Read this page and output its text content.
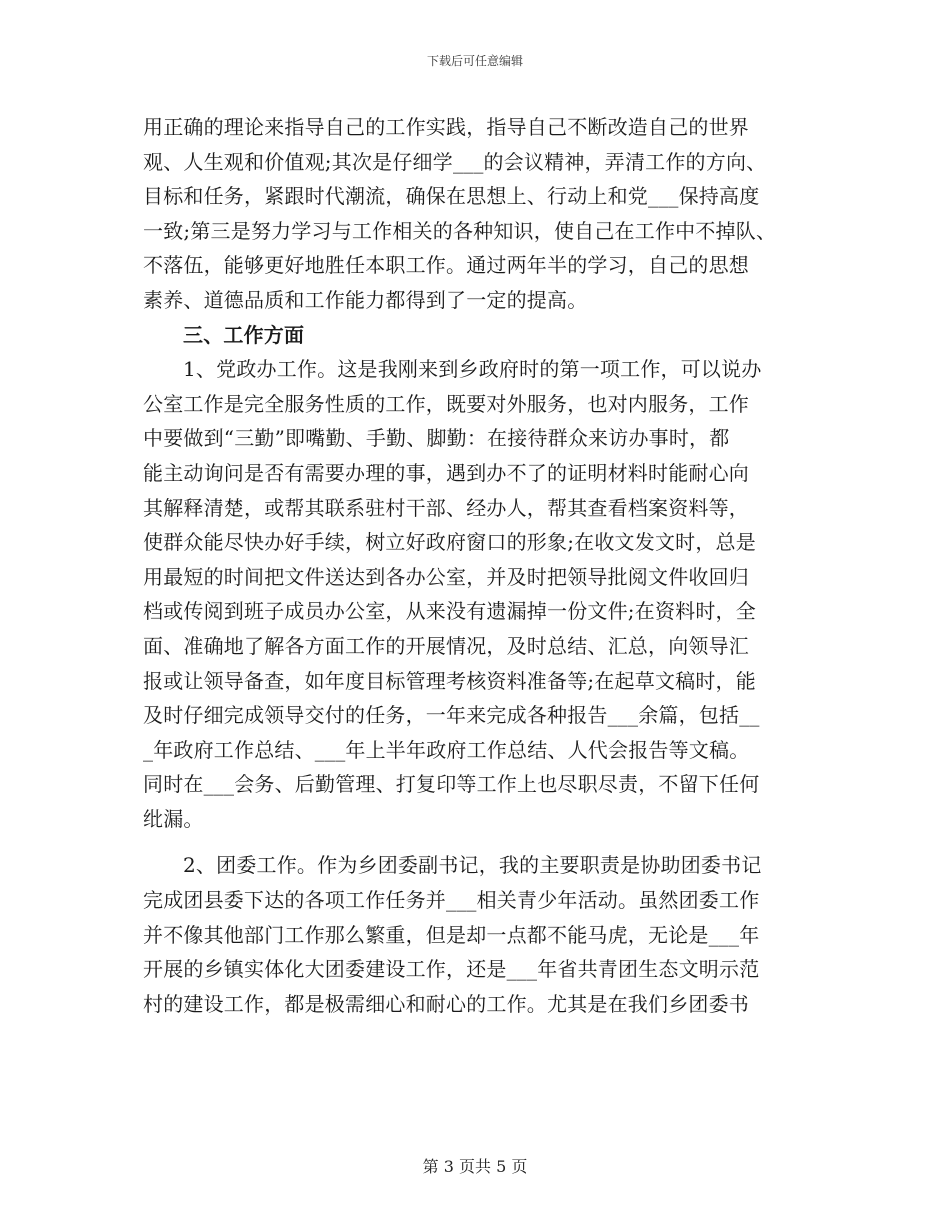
下载后可任意编辑
用正确的理论来指导自己的工作实践，指导自己不断改造自己的世界
观、人生观和价值观;其次是仔细学___的会议精神，弄清工作的方向、
目标和任务，紧跟时代潮流，确保在思想上、行动上和党___保持高度
一致;第三是努力学习与工作相关的各种知识，使自己在工作中不掉队、
不落伍，能够更好地胜任本职工作。通过两年半的学习，自己的思想
素养、道德品质和工作能力都得到了一定的提高。
三、工作方面
1、党政办工作。这是我刚来到乡政府时的第一项工作，可以说办
公室工作是完全服务性质的工作，既要对外服务，也对内服务，工作
中要做到“三勤”即嘴勤、手勤、脚勤：在接待群众来访办事时，都
能主动询问是否有需要办理的事，遇到办不了的证明材料时能耐心向
其解释清楚，或帮其联系驻村干部、经办人，帮其查看档案资料等，
使群众能尽快办好手续，树立好政府窗口的形象;在收文发文时，总是
用最短的时间把文件送达到各办公室，并及时把领导批阅文件收回归
档或传阅到班子成员办公室，从来没有遗漏掉一份文件;在资料时，全
面、准确地了解各方面工作的开展情况，及时总结、汇总，向领导汇
报或让领导备查，如年度目标管理考核资料准备等;在起草文稿时，能
及时仔细完成领导交付的任务，一年来完成各种报告___余篇，包括__
_年政府工作总结、___年上半年政府工作总结、人代会报告等文稿。
同时在___会务、后勤管理、打复印等工作上也尽职尽责，不留下任何
纰漏。
2、团委工作。作为乡团委副书记，我的主要职责是协助团委书记
完成团县委下达的各项工作任务并___相关青少年活动。虽然团委工作
并不像其他部门工作那么繁重，但是却一点都不能马虎，无论是___年
开展的乡镇实体化大团委建设工作，还是___年省共青团生态文明示范
村的建设工作，都是极需细心和耐心的工作。尤其是在我们乡团委书
第 3 页共 5 页
